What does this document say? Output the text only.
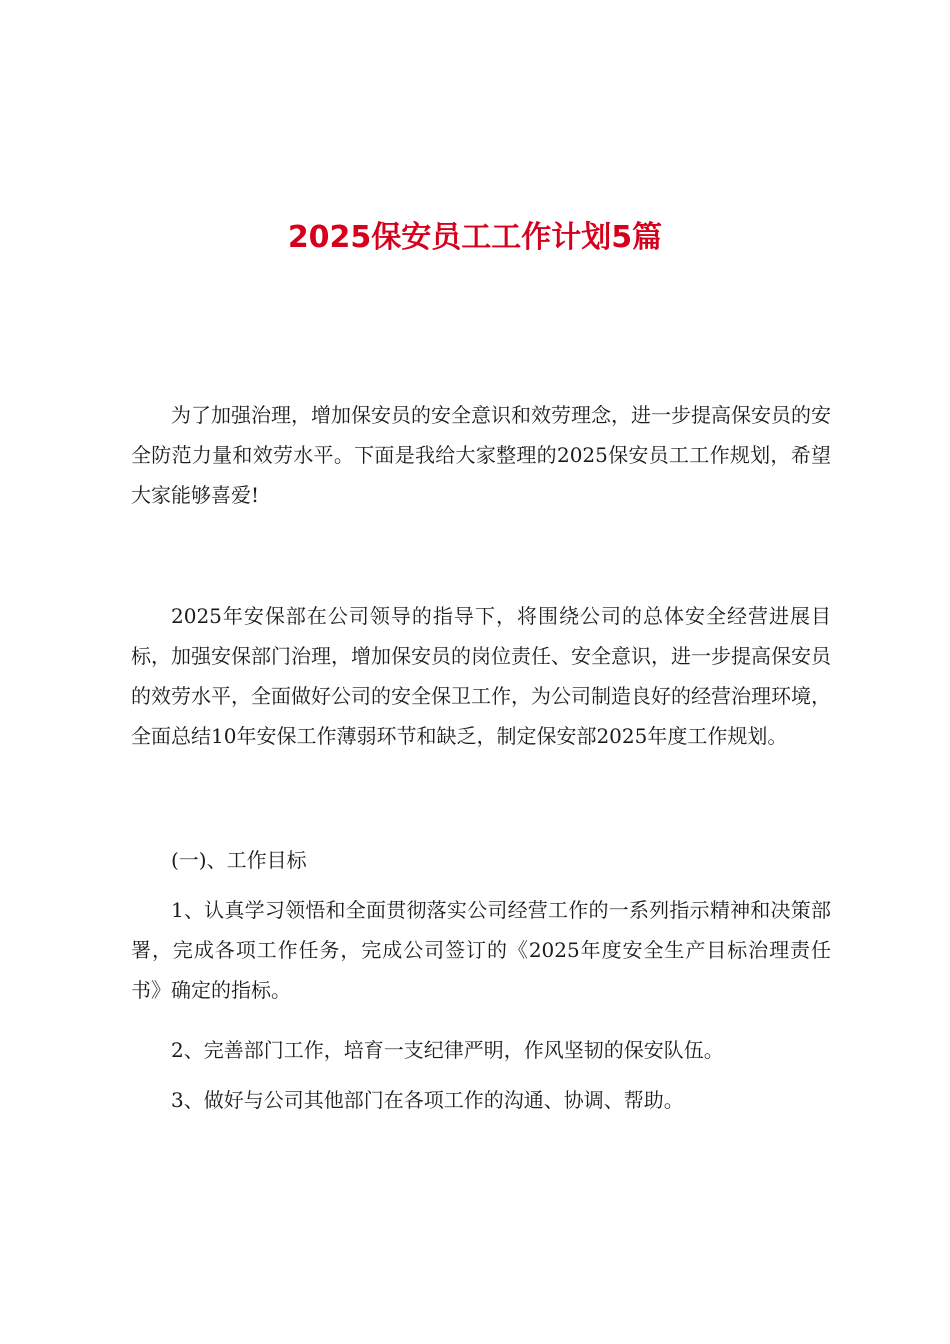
2025保安员工工作计划5篇

为了加强治理，增加保安员的安全意识和效劳理念，进一步提高保安员的安全防范力量和效劳水平。下面是我给大家整理的2025保安员工工作规划，希望大家能够喜爱!

2025年安保部在公司领导的指导下，将围绕公司的总体安全经营进展目标，加强安保部门治理，增加保安员的岗位责任、安全意识，进一步提高保安员的效劳水平，全面做好公司的安全保卫工作，为公司制造良好的经营治理环境，全面总结10年安保工作薄弱环节和缺乏，制定保安部2025年度工作规划。

(一)、工作目标

1、认真学习领悟和全面贯彻落实公司经营工作的一系列指示精神和决策部署，完成各项工作任务，完成公司签订的《2025年度安全生产目标治理责任书》确定的指标。

2、完善部门工作，培育一支纪律严明，作风坚韧的保安队伍。

3、做好与公司其他部门在各项工作的沟通、协调、帮助。
